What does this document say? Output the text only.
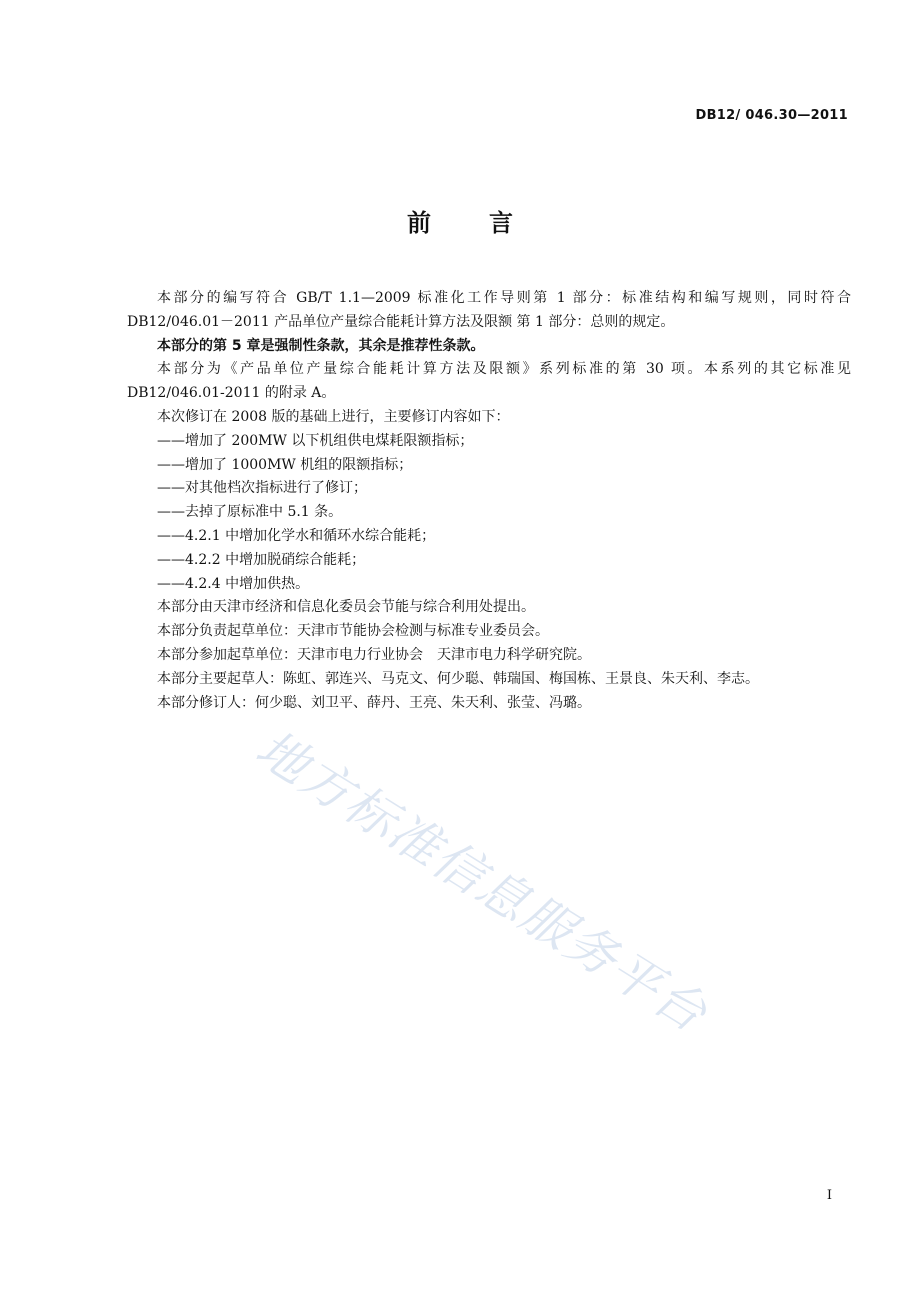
DB12/ 046.30—2011
前言

本部分的编写符合 GB/T 1.1—2009 标准化工作导则第 1 部分：标准结构和编写规则，同时符合

DB12/046.01－2011 产品单位产量综合能耗计算方法及限额 第 1 部分：总则的规定。

本部分的第 5 章是强制性条款，其余是推荐性条款。

本部分为《产品单位产量综合能耗计算方法及限额》系列标准的第 30 项。本系列的其它标准见

DB12/046.01-2011 的附录 A。

本次修订在 2008 版的基础上进行，主要修订内容如下：

——增加了 200MW 以下机组供电煤耗限额指标；

——增加了 1000MW 机组的限额指标；

——对其他档次指标进行了修订；

——去掉了原标准中 5.1 条。

——4.2.1 中增加化学水和循环水综合能耗；

——4.2.2 中增加脱硝综合能耗；

——4.2.4 中增加供热。

本部分由天津市经济和信息化委员会节能与综合利用处提出。

本部分负责起草单位：天津市节能协会检测与标准专业委员会。

本部分参加起草单位：天津市电力行业协会　天津市电力科学研究院。

本部分主要起草人：陈虹、郭连兴、马克文、何少聪、韩瑞国、梅国栋、王景良、朱天利、李志。

本部分修订人：何少聪、刘卫平、薛丹、王亮、朱天利、张莹、冯璐。

地方标准信息服务平台
I
